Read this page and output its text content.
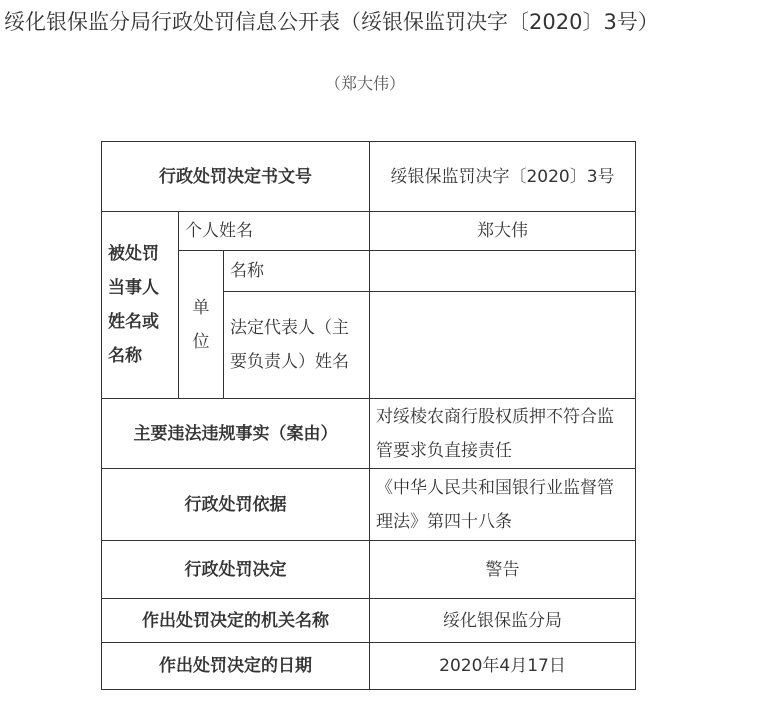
绥化银保监分局行政处罚信息公开表（绥银保监罚决字〔2020〕3号）
（郑大伟）
行政处罚决定书文号			绥银保监罚决字〔2020〕3号
被处罚当事人姓名或名称	个人姓名		郑大伟
	单位	名称	
		法定代表人（主要负责人）姓名	
主要违法违规事实（案由）			对绥棱农商行股权质押不符合监管要求负直接责任
行政处罚依据			《中华人民共和国银行业监督管理法》第四十八条
行政处罚决定			警告
作出处罚决定的机关名称			绥化银保监分局
作出处罚决定的日期			2020年4月17日
